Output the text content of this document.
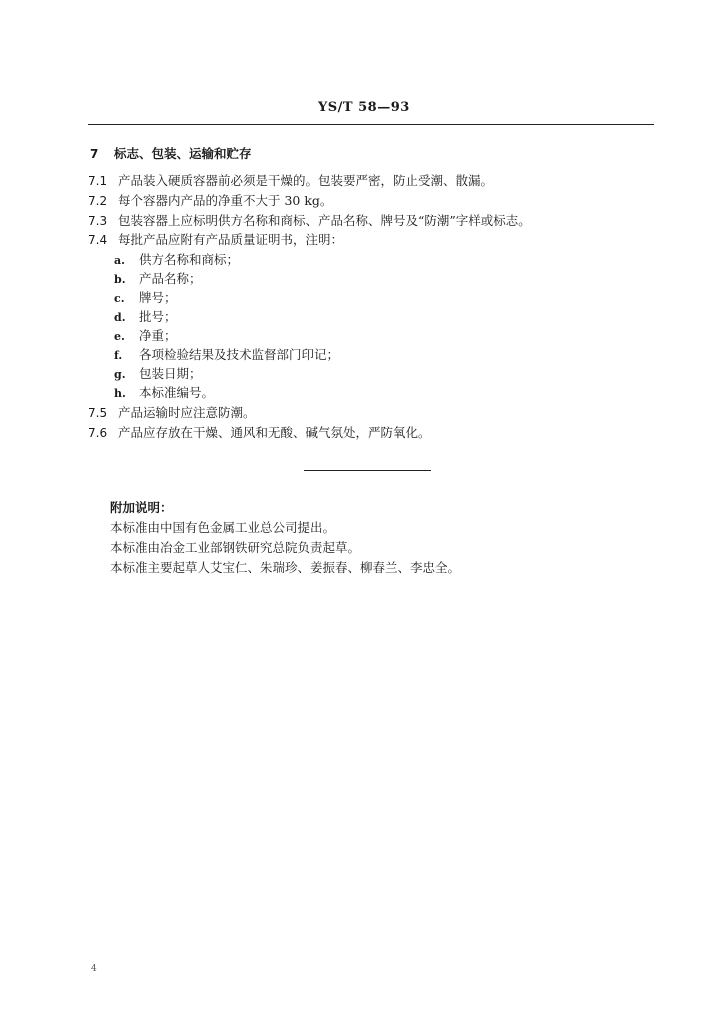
YS/T 58—93
7 标志、包装、运输和贮存
7.1 产品装入硬质容器前必须是干燥的。包装要严密，防止受潮、散漏。
7.2 每个容器内产品的净重不大于 30 kg。
7.3 包装容器上应标明供方名称和商标、产品名称、牌号及“防潮”字样或标志。
7.4 每批产品应附有产品质量证明书，注明：
a. 供方名称和商标；
b. 产品名称；
c. 牌号；
d. 批号；
e. 净重；
f. 各项检验结果及技术监督部门印记；
g. 包装日期；
h. 本标准编号。
7.5 产品运输时应注意防潮。
7.6 产品应存放在干燥、通风和无酸、碱气氛处，严防氧化。
附加说明：
本标准由中国有色金属工业总公司提出。
本标准由冶金工业部钢铁研究总院负责起草。
本标准主要起草人艾宝仁、朱瑞珍、姜振春、柳春兰、李忠全。
4
